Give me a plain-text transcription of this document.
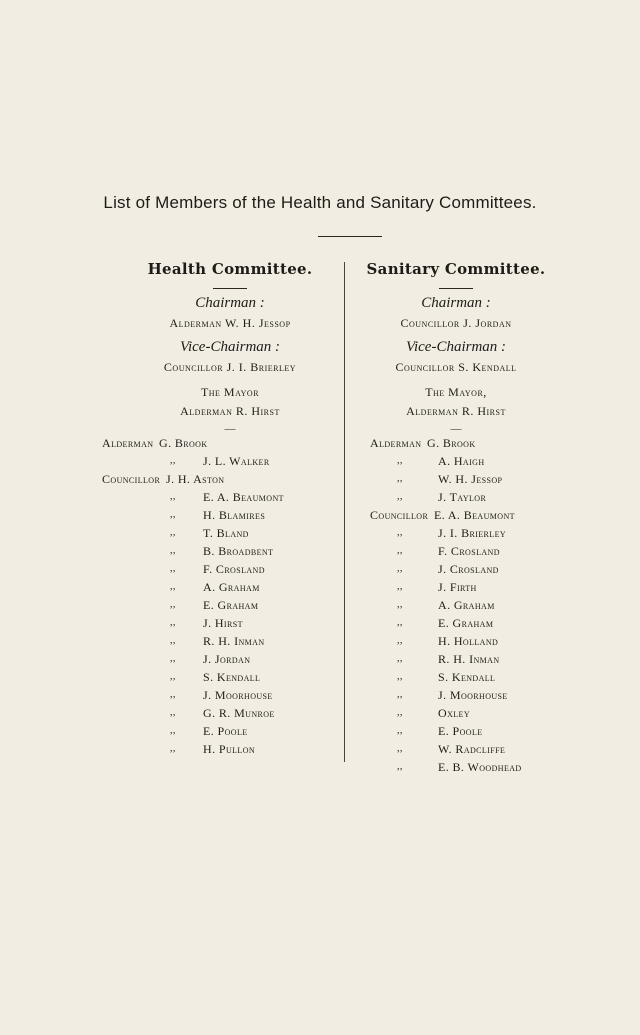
List of Members of the Health and Sanitary Committees.
Health Committee.
Chairman :
Alderman W. H. Jessop
Vice-Chairman :
Councillor J. I. Brierley
The Mayor
Alderman R. Hirst
—
Sanitary Committee.
Chairman :
Councillor J. Jordan
Vice-Chairman :
Councillor S. Kendall
The Mayor,
Alderman R. Hirst
—
Alderman G. Brook
,, J. L. Walker
Councillor J. H. Aston
,, E. A. Beaumont
,, H. Blamires
,, T. Bland
,, B. Broadbent
,, F. Crosland
,, A. Graham
,, E. Graham
,, J. Hirst
,, R. H. Inman
,, J. Jordan
,, S. Kendall
,, J. Moorhouse
,, G. R. Munroe
,, E. Poole
,, H. Pullon
Alderman G. Brook
,,	A. Haigh
,,	W. H. Jessop
,,	J. Taylor
Councillor E. A. Beaumont
,,	J. I. Brierley
,,	F. Crosland
,,	J. Crosland
,,	J. Firth
,,	A. Graham
,,	E. Graham
,,	H. Holland
,,	R. H. Inman
,,	S. Kendall
,,	J. Moorhouse
,,	Oxley
,,	E. Poole
,,	W. Radcliffe
,,	E. B. Woodhead
